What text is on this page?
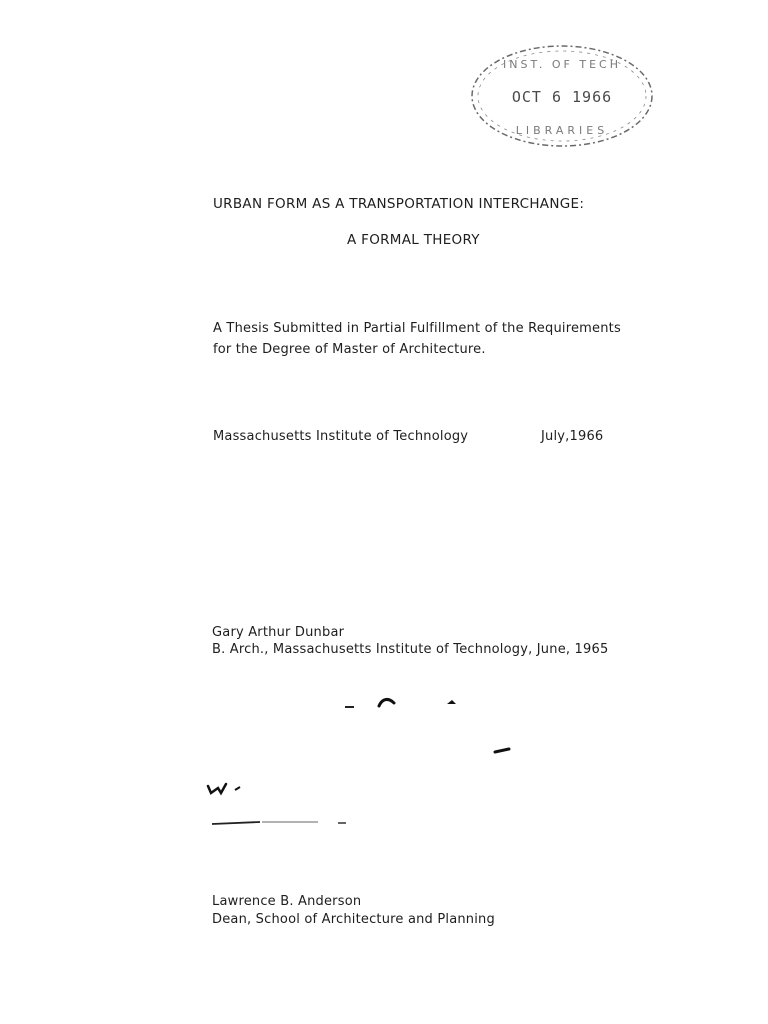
INST. OF TECH
OCT 6 1966
LIBRARIES
URBAN FORM AS A TRANSPORTATION INTERCHANGE:
A FORMAL THEORY
A Thesis Submitted in Partial Fulfillment of the Requirements
for the Degree of Master of Architecture.
Massachusetts Institute of Technology	July,1966
Gary Arthur Dunbar
B. Arch., Massachusetts Institute of Technology, June, 1965
Lawrence B. Anderson
Dean, School of Architecture and Planning
